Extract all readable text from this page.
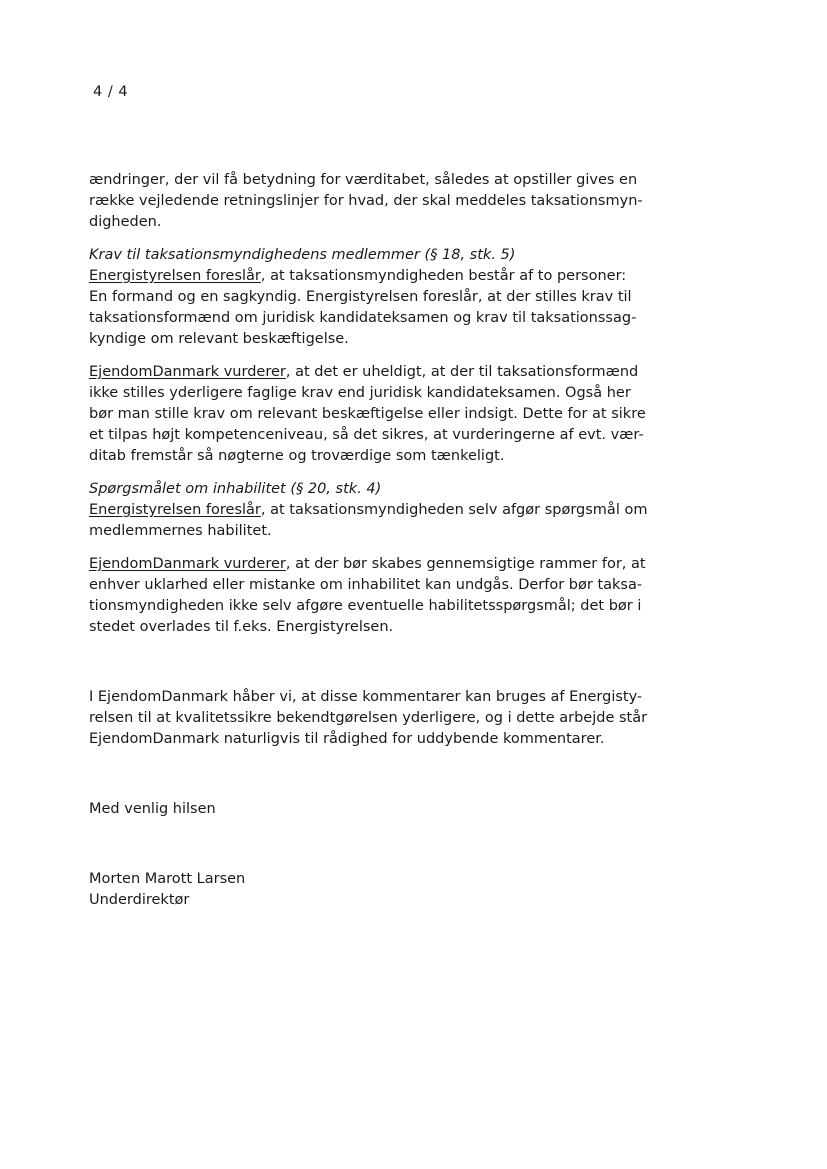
4 / 4

ændringer, der vil få betydning for værditabet, således at opstiller gives en
række vejledende retningslinjer for hvad, der skal meddeles taksationsmyn-
digheden.

Krav til taksationsmyndighedens medlemmer (§ 18, stk. 5)

Energistyrelsen foreslår, at taksationsmyndigheden består af to personer:
En formand og en sagkyndig. Energistyrelsen foreslår, at der stilles krav til
taksationsformænd om juridisk kandidateksamen og krav til taksationssag-
kyndige om relevant beskæftigelse.

EjendomDanmark vurderer, at det er uheldigt, at der til taksationsformænd
ikke stilles yderligere faglige krav end juridisk kandidateksamen. Også her
bør man stille krav om relevant beskæftigelse eller indsigt. Dette for at sikre
et tilpas højt kompetenceniveau, så det sikres, at vurderingerne af evt. vær-
ditab fremstår så nøgterne og troværdige som tænkeligt.

Spørgsmålet om inhabilitet (§ 20, stk. 4)

Energistyrelsen foreslår, at taksationsmyndigheden selv afgør spørgsmål om
medlemmernes habilitet.

EjendomDanmark vurderer, at der bør skabes gennemsigtige rammer for, at
enhver uklarhed eller mistanke om inhabilitet kan undgås. Derfor bør taksa-
tionsmyndigheden ikke selv afgøre eventuelle habilitetsspørgsmål; det bør i
stedet overlades til f.eks. Energistyrelsen.

I EjendomDanmark håber vi, at disse kommentarer kan bruges af Energisty-
relsen til at kvalitetssikre bekendtgørelsen yderligere, og i dette arbejde står
EjendomDanmark naturligvis til rådighed for uddybende kommentarer.

Med venlig hilsen

Morten Marott Larsen

Underdirektør
